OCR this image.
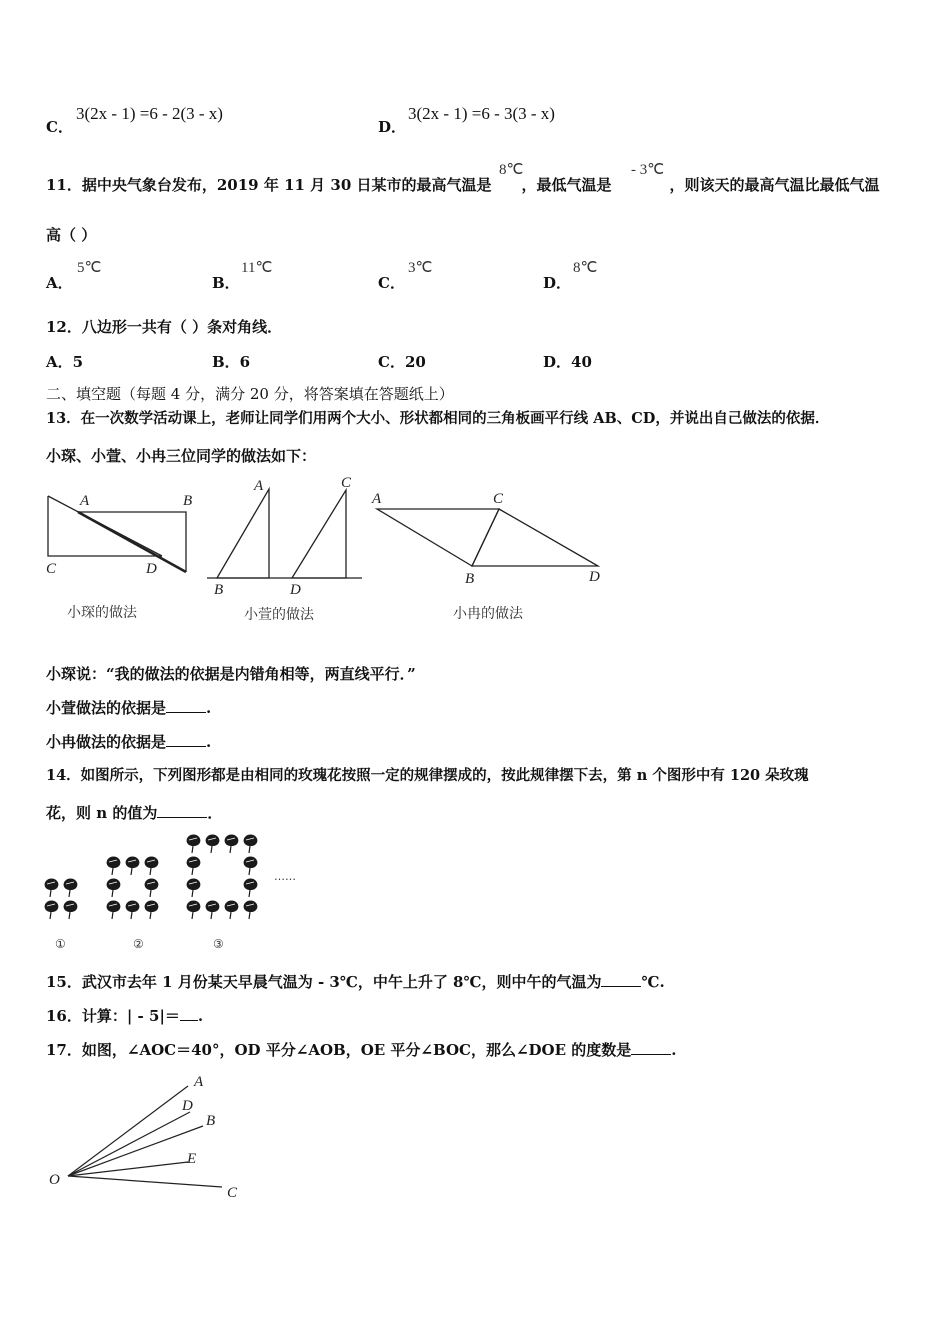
C．
3(2x - 1) =6 - 2(3 - x)
D．
3(2x - 1) =6 - 3(3 - x)
11．据中央气象台发布，2019 年 11 月 30 日某市的最高气温是 ，最低气温是	，则该天的最高气温比最低气温
8℃	- 3℃
高（ ）
A．
5℃
B．
11℃
C．
3℃
D．
8℃
12．八边形一共有（ ）条对角线．
A．5	B．6	C．20	D．40
二、填空题（每题 4 分，满分 20 分，将答案填在答题纸上）
13．在一次数学活动课上，老师让同学们用两个大小、形状都相同的三角板画平行线 AB、CD，并说出自己做法的依据．
小琛、小萱、小冉三位同学的做法如下：
A	B
C	D
小琛的做法
A	C
B	D
小萱的做法
A	C
B	D
小冉的做法
小琛说：“我的做法的依据是内错角相等，两直线平行．”
小萱做法的依据是	.
小冉做法的依据是	.
14．如图所示，下列图形都是由相同的玫瑰花按照一定的规律摆成的，按此规律摆下去，第 n 个图形中有 120 朵玫瑰
花，则 n 的值为	．
……
①	②	③
15．武汉市去年 1 月份某天早晨气温为 - 3℃，中午上升了 8℃，则中午的气温为	℃.
16．计算：| - 5|＝ .
17．如图，∠AOC＝40°，OD 平分∠AOB，OE 平分∠BOC，那么∠DOE 的度数是	.
A
D
B
E
O
C
